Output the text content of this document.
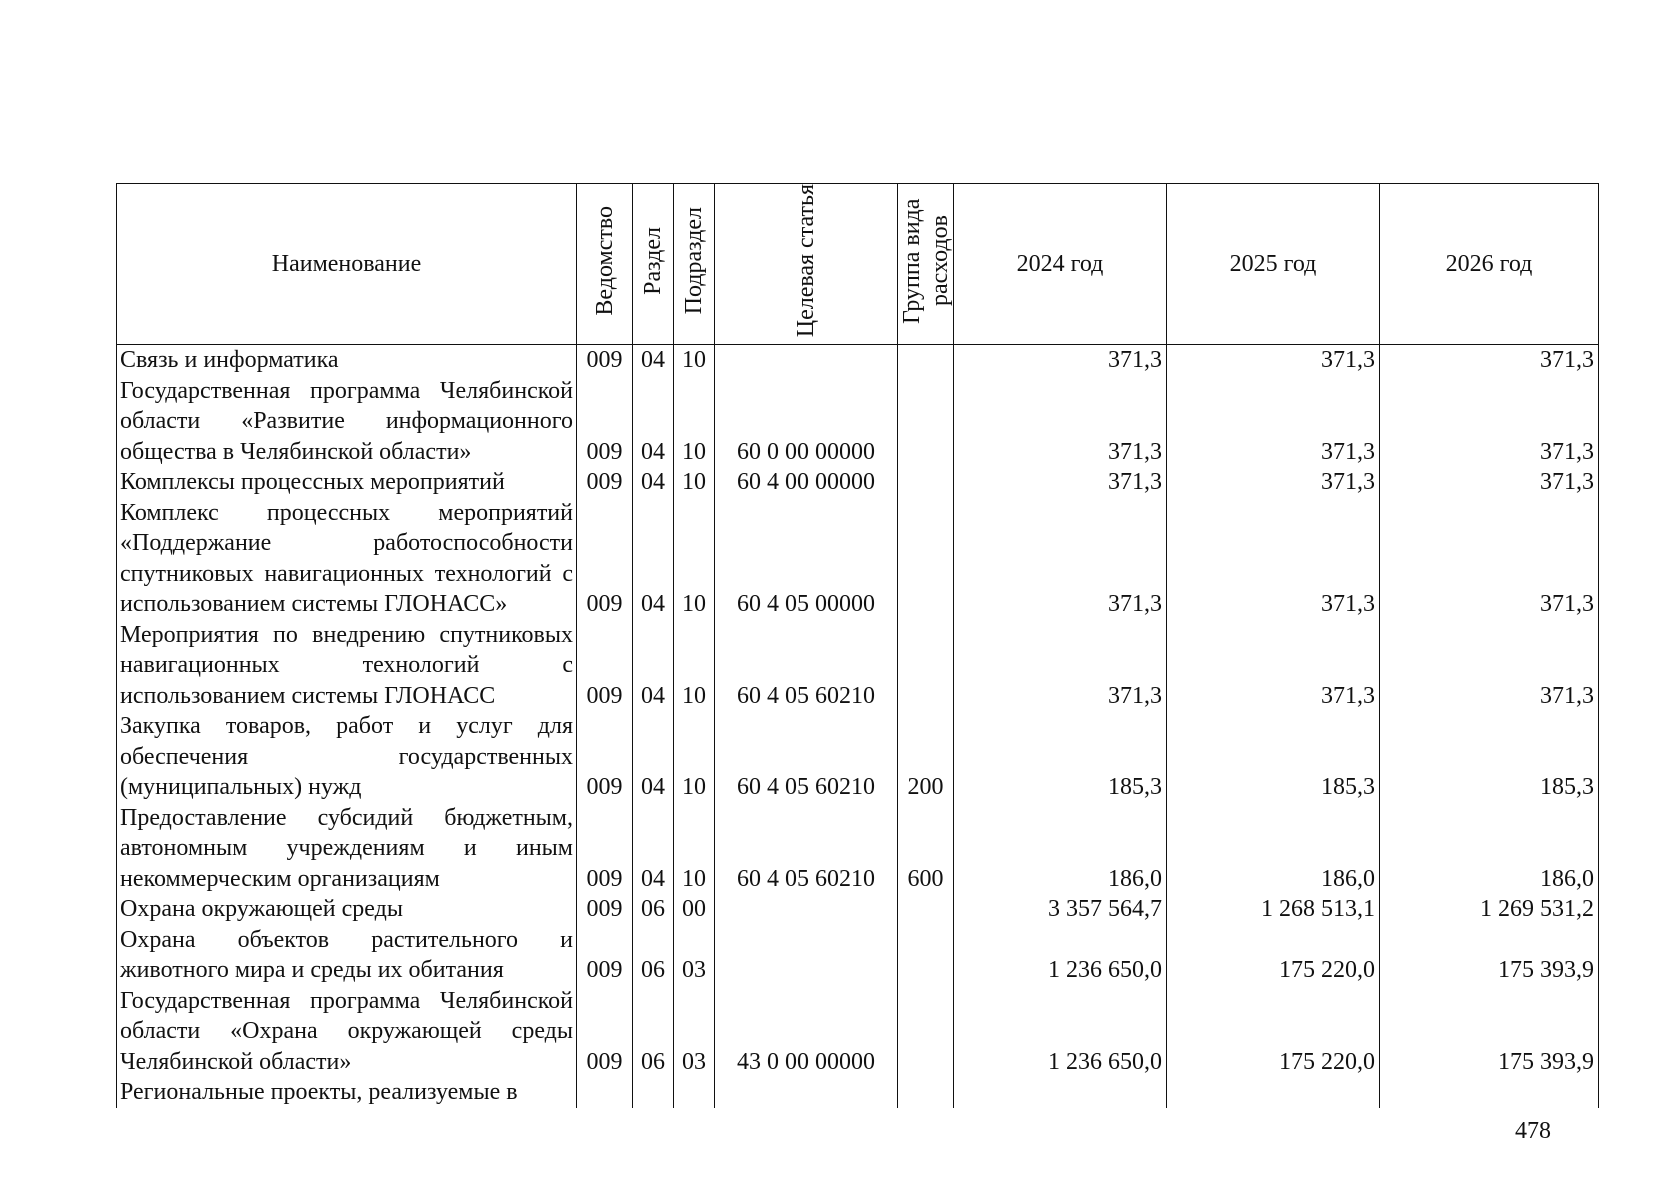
Наименование	Ведомство	Раздел	Подраздел	Целевая статья	Группа вида расходов	2024 год	2025 год	2026 год
Связь и информатика	009	04	10			371,3	371,3	371,3
Государственная программа Челябинской области «Развитие информационного общества в Челябинской области»	009	04	10	60 0 00 00000		371,3	371,3	371,3
Комплексы процессных мероприятий	009	04	10	60 4 00 00000		371,3	371,3	371,3
Комплекс процессных мероприятий «Поддержание работоспособности спутниковых навигационных технологий с использованием системы ГЛОНАСС»	009	04	10	60 4 05 00000		371,3	371,3	371,3
Мероприятия по внедрению спутниковых навигационных технологий с использованием системы ГЛОНАСС	009	04	10	60 4 05 60210		371,3	371,3	371,3
Закупка товаров, работ и услуг для обеспечения государственных (муниципальных) нужд	009	04	10	60 4 05 60210	200	185,3	185,3	185,3
Предоставление субсидий бюджетным, автономным учреждениям и иным некоммерческим организациям	009	04	10	60 4 05 60210	600	186,0	186,0	186,0
Охрана окружающей среды	009	06	00			3 357 564,7	1 268 513,1	1 269 531,2
Охрана объектов растительного и животного мира и среды их обитания	009	06	03			1 236 650,0	175 220,0	175 393,9
Государственная программа Челябинской области «Охрана окружающей среды Челябинской области»	009	06	03	43 0 00 00000		1 236 650,0	175 220,0	175 393,9
Региональные проекты, реализуемые в								
478
